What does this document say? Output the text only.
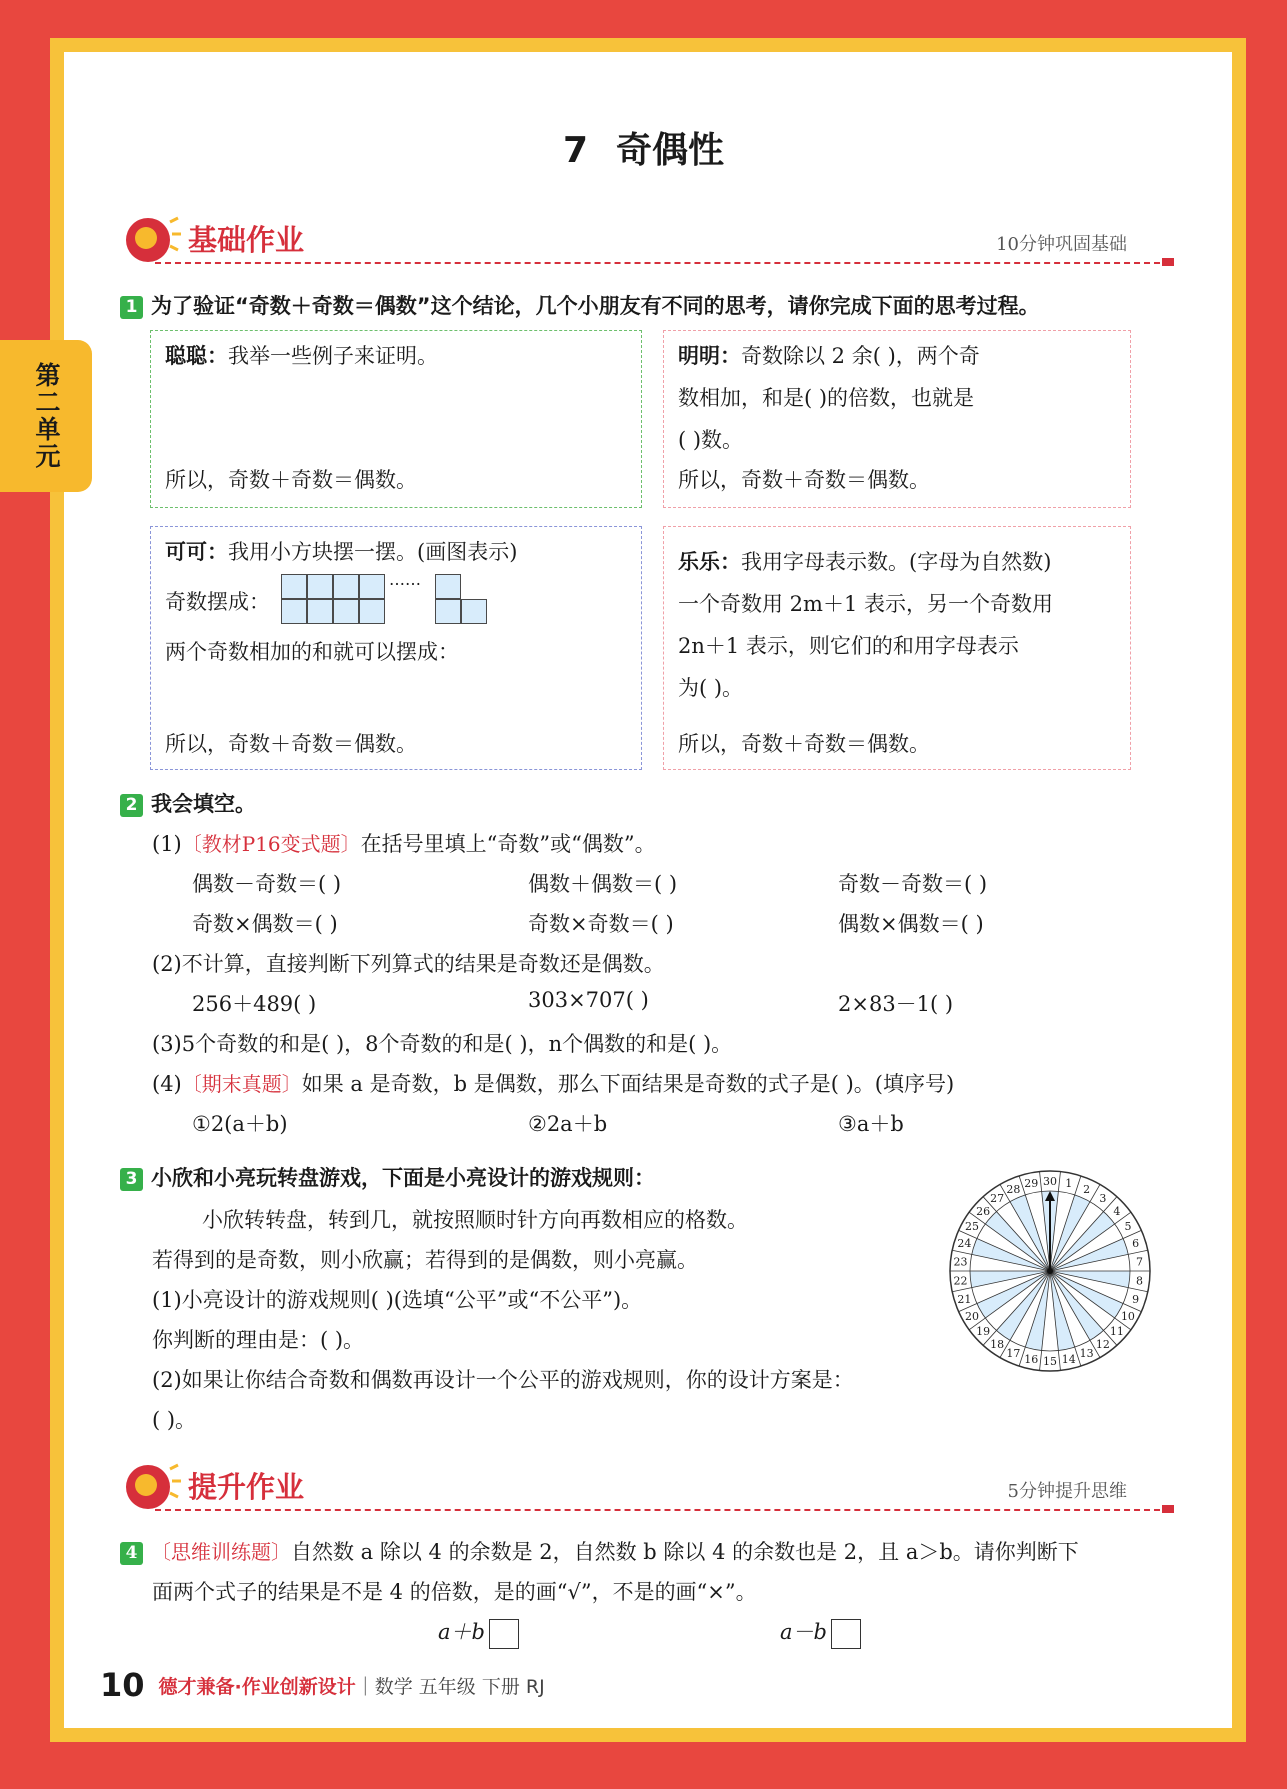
第二单元
7 奇偶性
基础作业	10分钟巩固基础
1 为了验证“奇数＋奇数＝偶数”这个结论，几个小朋友有不同的思考，请你完成下面的思考过程。
聪聪：我举一些例子来证明。
所以，奇数＋奇数＝偶数。
明明：奇数除以 2 余( )，两个奇
数相加，和是( )的倍数，也就是
( )数。
所以，奇数＋奇数＝偶数。
可可：我用小方块摆一摆。(画图表示)
奇数摆成：
……
两个奇数相加的和就可以摆成：
所以，奇数＋奇数＝偶数。
乐乐：我用字母表示数。(字母为自然数)
一个奇数用 2m＋1 表示，另一个奇数用
2n＋1 表示，则它们的和用字母表示
为( )。
所以，奇数＋奇数＝偶数。
2 我会填空。
(1)〔教材P16变式题〕在括号里填上“奇数”或“偶数”。
偶数－奇数＝( )	偶数＋偶数＝( )	奇数－奇数＝( )
奇数×偶数＝( )	奇数×奇数＝( )	偶数×偶数＝( )
(2)不计算，直接判断下列算式的结果是奇数还是偶数。
256＋489( )	303×707( )	2×83－1( )
(3)5个奇数的和是( )，8个奇数的和是( )，n个偶数的和是( )。
(4)〔期末真题〕如果 a 是奇数，b 是偶数，那么下面结果是奇数的式子是( )。(填序号)
①2(a＋b)	②2a＋b	③a＋b
3 小欣和小亮玩转盘游戏，下面是小亮设计的游戏规则：
小欣转转盘，转到几，就按照顺时针方向再数相应的格数。
若得到的是奇数，则小欣赢；若得到的是偶数，则小亮赢。
(1)小亮设计的游戏规则( )(选填“公平”或“不公平”)。
你判断的理由是：( )。
(2)如果让你结合奇数和偶数再设计一个公平的游戏规则，你的设计方案是：
( )。
30 1 2
3
4
5
6
7
8
9
10
11
12
13
14
15
16
17
18
19
20
21
22
23
24
25
26
27
28 29
提升作业	5分钟提升思维
4 〔思维训练题〕自然数 a 除以 4 的余数是 2，自然数 b 除以 4 的余数也是 2，且 a＞b。请你判断下
面两个式子的结果是不是 4 的倍数，是的画“√”，不是的画“×”。
a＋b	a－b
10 德才兼备·作业创新设计｜数学 五年级 下册 RJ
